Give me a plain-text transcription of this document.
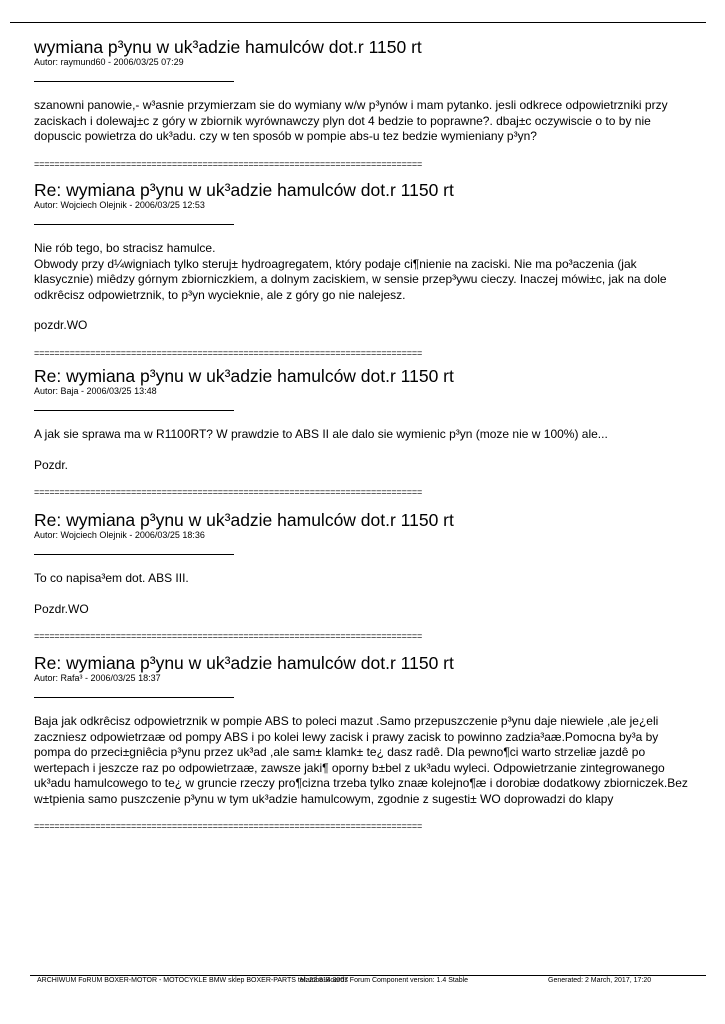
wymiana p³ynu w uk³adzie hamulców dot.r 1150 rt
Autor: raymund60 - 2006/03/25 07:29

szanowni panowie,- w³asnie przymierzam sie do wymiany w/w p³ynów i mam pytanko. jesli odkrece odpowietrzniki przy zaciskach i dolewaj±c z góry w zbiornik wyrównawczy plyn dot 4 bedzie to poprawne?. dbaj±c oczywiscie o to by nie dopuscic powietrza do uk³adu. czy w ten sposób w pompie abs-u tez bedzie wymieniany p³yn?

============================================================================
Re: wymiana p³ynu w uk³adzie hamulców dot.r 1150 rt
Autor: Wojciech Olejnik - 2006/03/25 12:53

Nie rób tego, bo stracisz hamulce.
Obwody przy d¼wigniach tylko steruj± hydroagregatem, który podaje ci¶nienie na zaciski. Nie ma po³aczenia (jak klasycznie) miêdzy górnym zbiorniczkiem, a dolnym zaciskiem, w sensie przep³ywu cieczy. Inaczej mówi±c, jak na dole odkrêcisz odpowietrznik, to p³yn wycieknie, ale z góry go nie nalejesz.

pozdr.WO

============================================================================
Re: wymiana p³ynu w uk³adzie hamulców dot.r 1150 rt
Autor: Baja - 2006/03/25 13:48

A jak sie sprawa ma w R1100RT? W prawdzie to ABS II ale dalo sie wymienic p³yn (moze nie w 100%) ale...

Pozdr.

============================================================================
Re: wymiana p³ynu w uk³adzie hamulców dot.r 1150 rt
Autor: Wojciech Olejnik - 2006/03/25 18:36

To co napisa³em dot. ABS III.

Pozdr.WO

============================================================================
Re: wymiana p³ynu w uk³adzie hamulców dot.r 1150 rt
Autor: Rafa³ - 2006/03/25 18:37

Baja jak odkrêcisz odpowietrznik w pompie ABS to poleci mazut .Samo przepuszczenie p³ynu daje niewiele ,ale je¿eli zaczniesz odpowietrzaæ od pompy ABS i po kolei lewy zacisk i prawy zacisk to powinno zadzia³aæ.Pomocna by³a by pompa do przeci±gniêcia p³ynu przez uk³ad ,ale sam± klamk± te¿ dasz radê. Dla pewno¶ci warto strzeliæ jazdê po wertepach i jeszcze raz po odpowietrzaæ, zawsze jaki¶ oporny b±bel z uk³adu wyleci. Odpowietrzanie zintegrowanego uk³adu hamulcowego to te¿ w gruncie rzeczy pro¶cizna trzeba tylko znaæ kolejno¶æ i dorobiæ dodatkowy zbiorniczek.Bez w±tpienia samo puszczenie p³ynu w tym uk³adzie hamulcowym, zgodnie z sugesti± WO doprowadzi do klapy

============================================================================
ARCHIWUM FoRUM BOXER-MOTOR - MOTOCYKLE BMW sklep BOXER-PARTS tel: 22 814 3007
Mambo-Boards Forum Component version: 1.4 Stable	Generated: 2 March, 2017, 17:20
